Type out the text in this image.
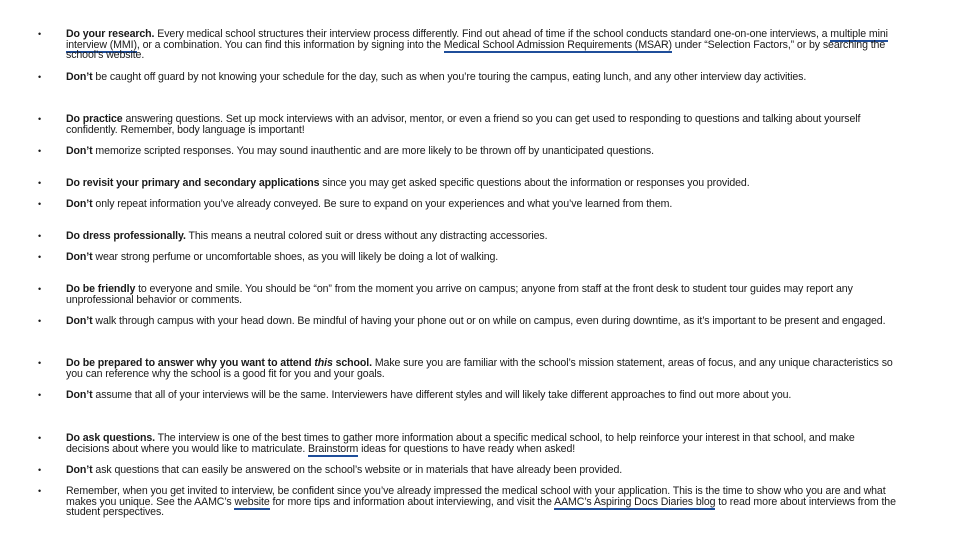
•	Do your research. Every medical school structures their interview process differently. Find out ahead of time if the school conducts standard one-on-one interviews, a multiple mini interview (MMI), or a combination. You can find this information by signing into the Medical School Admission Requirements (MSAR) under “Selection Factors,” or by searching the school’s website.
•	Don’t be caught off guard by not knowing your schedule for the day, such as when you’re touring the campus, eating lunch, and any other interview day activities.
•	Do practice answering questions. Set up mock interviews with an advisor, mentor, or even a friend so you can get used to responding to questions and talking about yourself confidently. Remember, body language is important!
•	Don’t memorize scripted responses. You may sound inauthentic and are more likely to be thrown off by unanticipated questions.
•	Do revisit your primary and secondary applications since you may get asked specific questions about the information or responses you provided.
•	Don’t only repeat information you’ve already conveyed. Be sure to expand on your experiences and what you’ve learned from them.
•	Do dress professionally. This means a neutral colored suit or dress without any distracting accessories.
•	Don’t wear strong perfume or uncomfortable shoes, as you will likely be doing a lot of walking.
•	Do be friendly to everyone and smile. You should be “on” from the moment you arrive on campus; anyone from staff at the front desk to student tour guides may report any unprofessional behavior or comments.
•	Don’t walk through campus with your head down. Be mindful of having your phone out or on while on campus, even during downtime, as it’s important to be present and engaged.
•	Do be prepared to answer why you want to attend this school. Make sure you are familiar with the school’s mission statement, areas of focus, and any unique characteristics so you can reference why the school is a good fit for you and your goals.
•	Don’t assume that all of your interviews will be the same. Interviewers have different styles and will likely take different approaches to find out more about you.
•	Do ask questions. The interview is one of the best times to gather more information about a specific medical school, to help reinforce your interest in that school, and make decisions about where you would like to matriculate. Brainstorm ideas for questions to have ready when asked!
•	Don’t ask questions that can easily be answered on the school’s website or in materials that have already been provided.
•	Remember, when you get invited to interview, be confident since you’ve already impressed the medical school with your application. This is the time to show who you are and what makes you unique. See the AAMC’s website for more tips and information about interviewing, and visit the AAMC’s Aspiring Docs Diaries blog to read more about interviews from the student perspectives.
